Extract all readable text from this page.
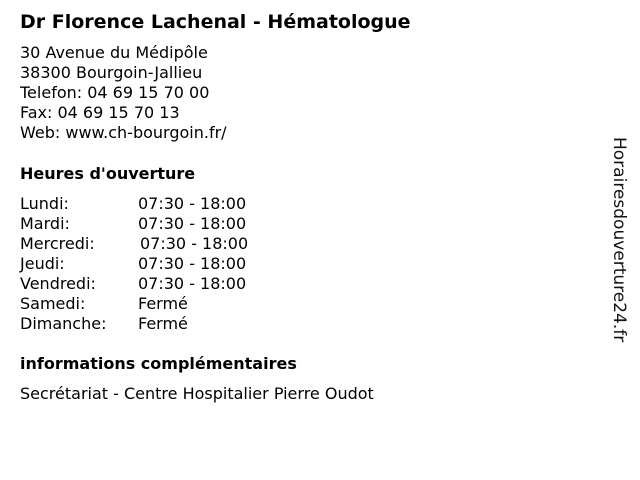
Dr Florence Lachenal - Hématologue
30 Avenue du Médipôle
38300 Bourgoin-Jallieu
Telefon: 04 69 15 70 00
Fax: 04 69 15 70 13
Web: www.ch-bourgoin.fr/
Heures d'ouverture
Lundi:	07:30 - 18:00
Mardi:	07:30 - 18:00
Mercredi:	07:30 - 18:00
Jeudi:	07:30 - 18:00
Vendredi:	07:30 - 18:00
Samedi:	Fermé
Dimanche:	Fermé
informations complémentaires
Secrétariat - Centre Hospitalier Pierre Oudot
Horairesdouverture24.fr
